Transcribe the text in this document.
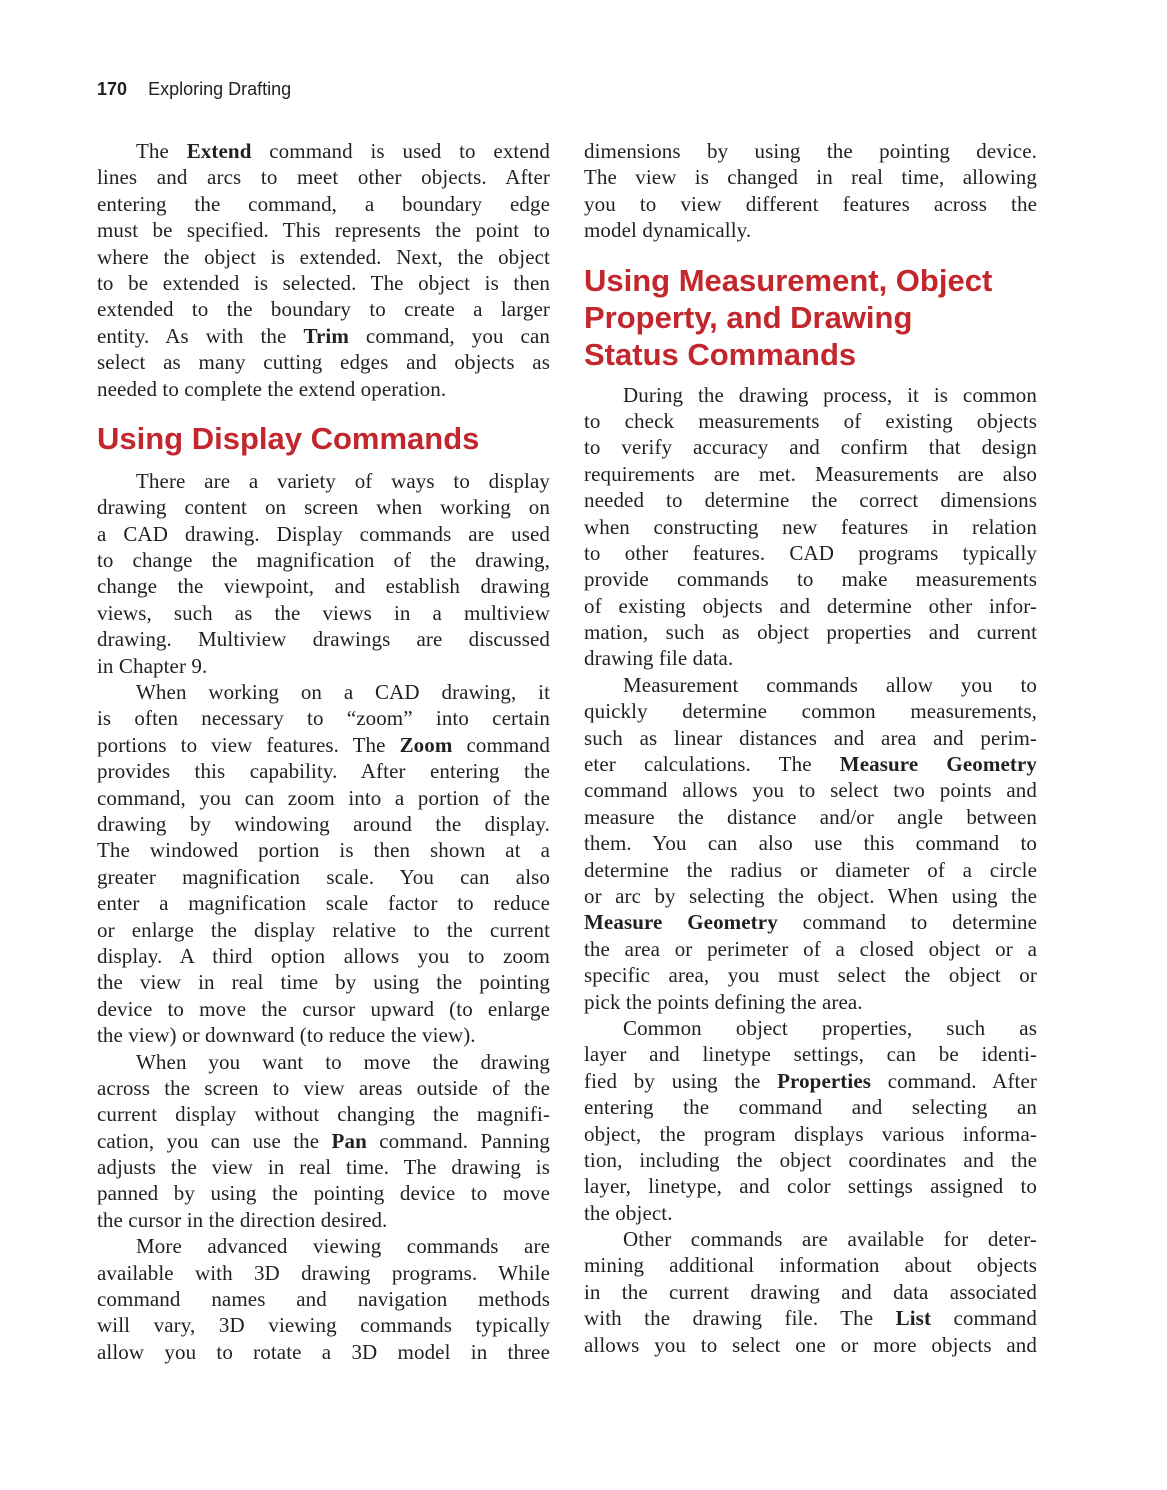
170 Exploring Drafting
The Extend command is used to extend
lines and arcs to meet other objects. After
entering the command, a boundary edge
must be specified. This represents the point to
where the object is extended. Next, the object
to be extended is selected. The object is then
extended to the boundary to create a larger
entity. As with the Trim command, you can
select as many cutting edges and objects as
needed to complete the extend operation.
Using Display Commands
There are a variety of ways to display
drawing content on screen when working on
a CAD drawing. Display commands are used
to change the magnification of the drawing,
change the viewpoint, and establish drawing
views, such as the views in a multiview
drawing. Multiview drawings are discussed
in Chapter 9.
When working on a CAD drawing, it
is often necessary to “zoom” into certain
portions to view features. The Zoom command
provides this capability. After entering the
command, you can zoom into a portion of the
drawing by windowing around the display.
The windowed portion is then shown at a
greater magnification scale. You can also
enter a magnification scale factor to reduce
or enlarge the display relative to the current
display. A third option allows you to zoom
the view in real time by using the pointing
device to move the cursor upward (to enlarge
the view) or downward (to reduce the view).
When you want to move the drawing
across the screen to view areas outside of the
current display without changing the magnifi-
cation, you can use the Pan command. Panning
adjusts the view in real time. The drawing is
panned by using the pointing device to move
the cursor in the direction desired.
More advanced viewing commands are
available with 3D drawing programs. While
command names and navigation methods
will vary, 3D viewing commands typically
allow you to rotate a 3D model in three
dimensions by using the pointing device.
The view is changed in real time, allowing
you to view different features across the
model dynamically.
Using Measurement, Object
Property, and Drawing
Status Commands
During the drawing process, it is common
to check measurements of existing objects
to verify accuracy and confirm that design
requirements are met. Measurements are also
needed to determine the correct dimensions
when constructing new features in relation
to other features. CAD programs typically
provide commands to make measurements
of existing objects and determine other infor-
mation, such as object properties and current
drawing file data.
Measurement commands allow you to
quickly determine common measurements,
such as linear distances and area and perim-
eter calculations. The Measure Geometry
command allows you to select two points and
measure the distance and/or angle between
them. You can also use this command to
determine the radius or diameter of a circle
or arc by selecting the object. When using the
Measure Geometry command to determine
the area or perimeter of a closed object or a
specific area, you must select the object or
pick the points defining the area.
Common object properties, such as
layer and linetype settings, can be identi-
fied by using the Properties command. After
entering the command and selecting an
object, the program displays various informa-
tion, including the object coordinates and the
layer, linetype, and color settings assigned to
the object.
Other commands are available for deter-
mining additional information about objects
in the current drawing and data associated
with the drawing file. The List command
allows you to select one or more objects and
